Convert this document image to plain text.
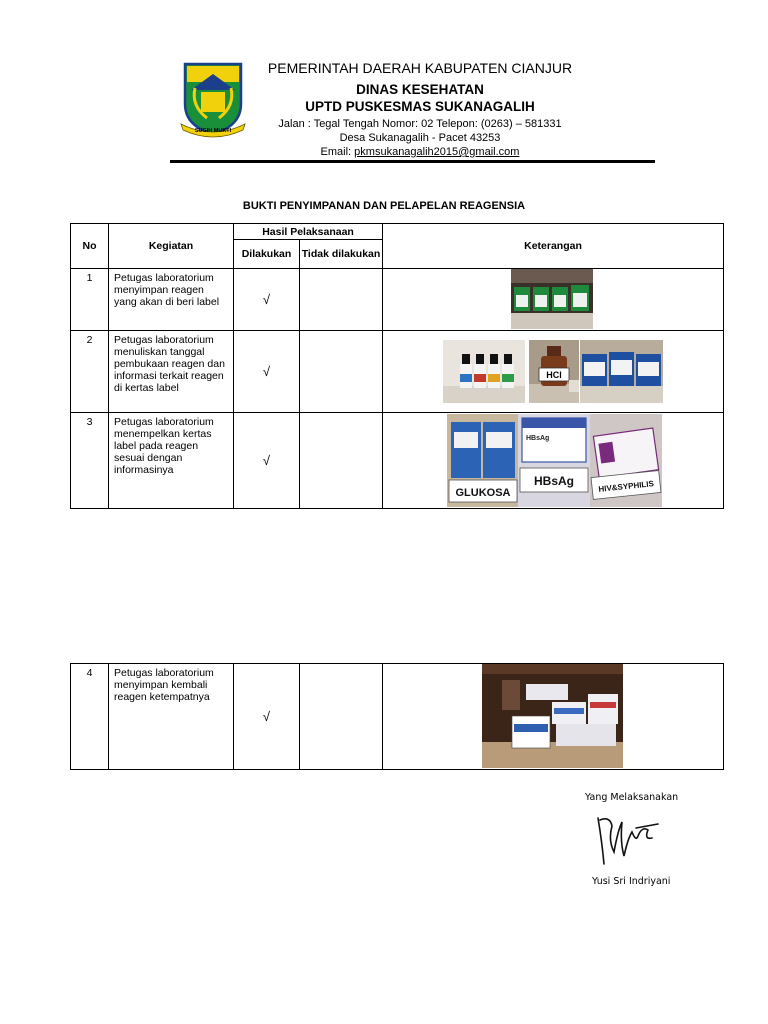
SUGIH MUKTI
PEMERINTAH DAERAH KABUPATEN CIANJUR
DINAS KESEHATAN
UPTD PUSKESMAS SUKANAGALIH
Jalan : Tegal Tengah Nomor: 02 Telepon: (0263) – 581331
Desa Sukanagalih - Pacet 43253
Email: pkmsukanagalih2015@gmail.com
BUKTI PENYIMPANAN DAN PELAPELAN REAGENSIA
No	Kegiatan	Hasil Pelaksanaan		Keterangan
		Dilakukan	Tidak dilakukan	
1	Petugas laboratorium menyimpan reagen yang akan di beri label	√		

2	Petugas laboratorium menuliskan tanggal pembukaan reagen dan informasi terkait reagen di kertas label	√		HCl

3	Petugas laboratorium menempelkan kertas label pada reagen sesuai dengan informasinya	√		GLUKOSA
HBsAg
HBsAg HIV&SYPHILIS
4	Petugas laboratorium menyimpan kembali reagen ketempatnya	√		
Yang Melaksanakan
Yusi Sri Indriyani
